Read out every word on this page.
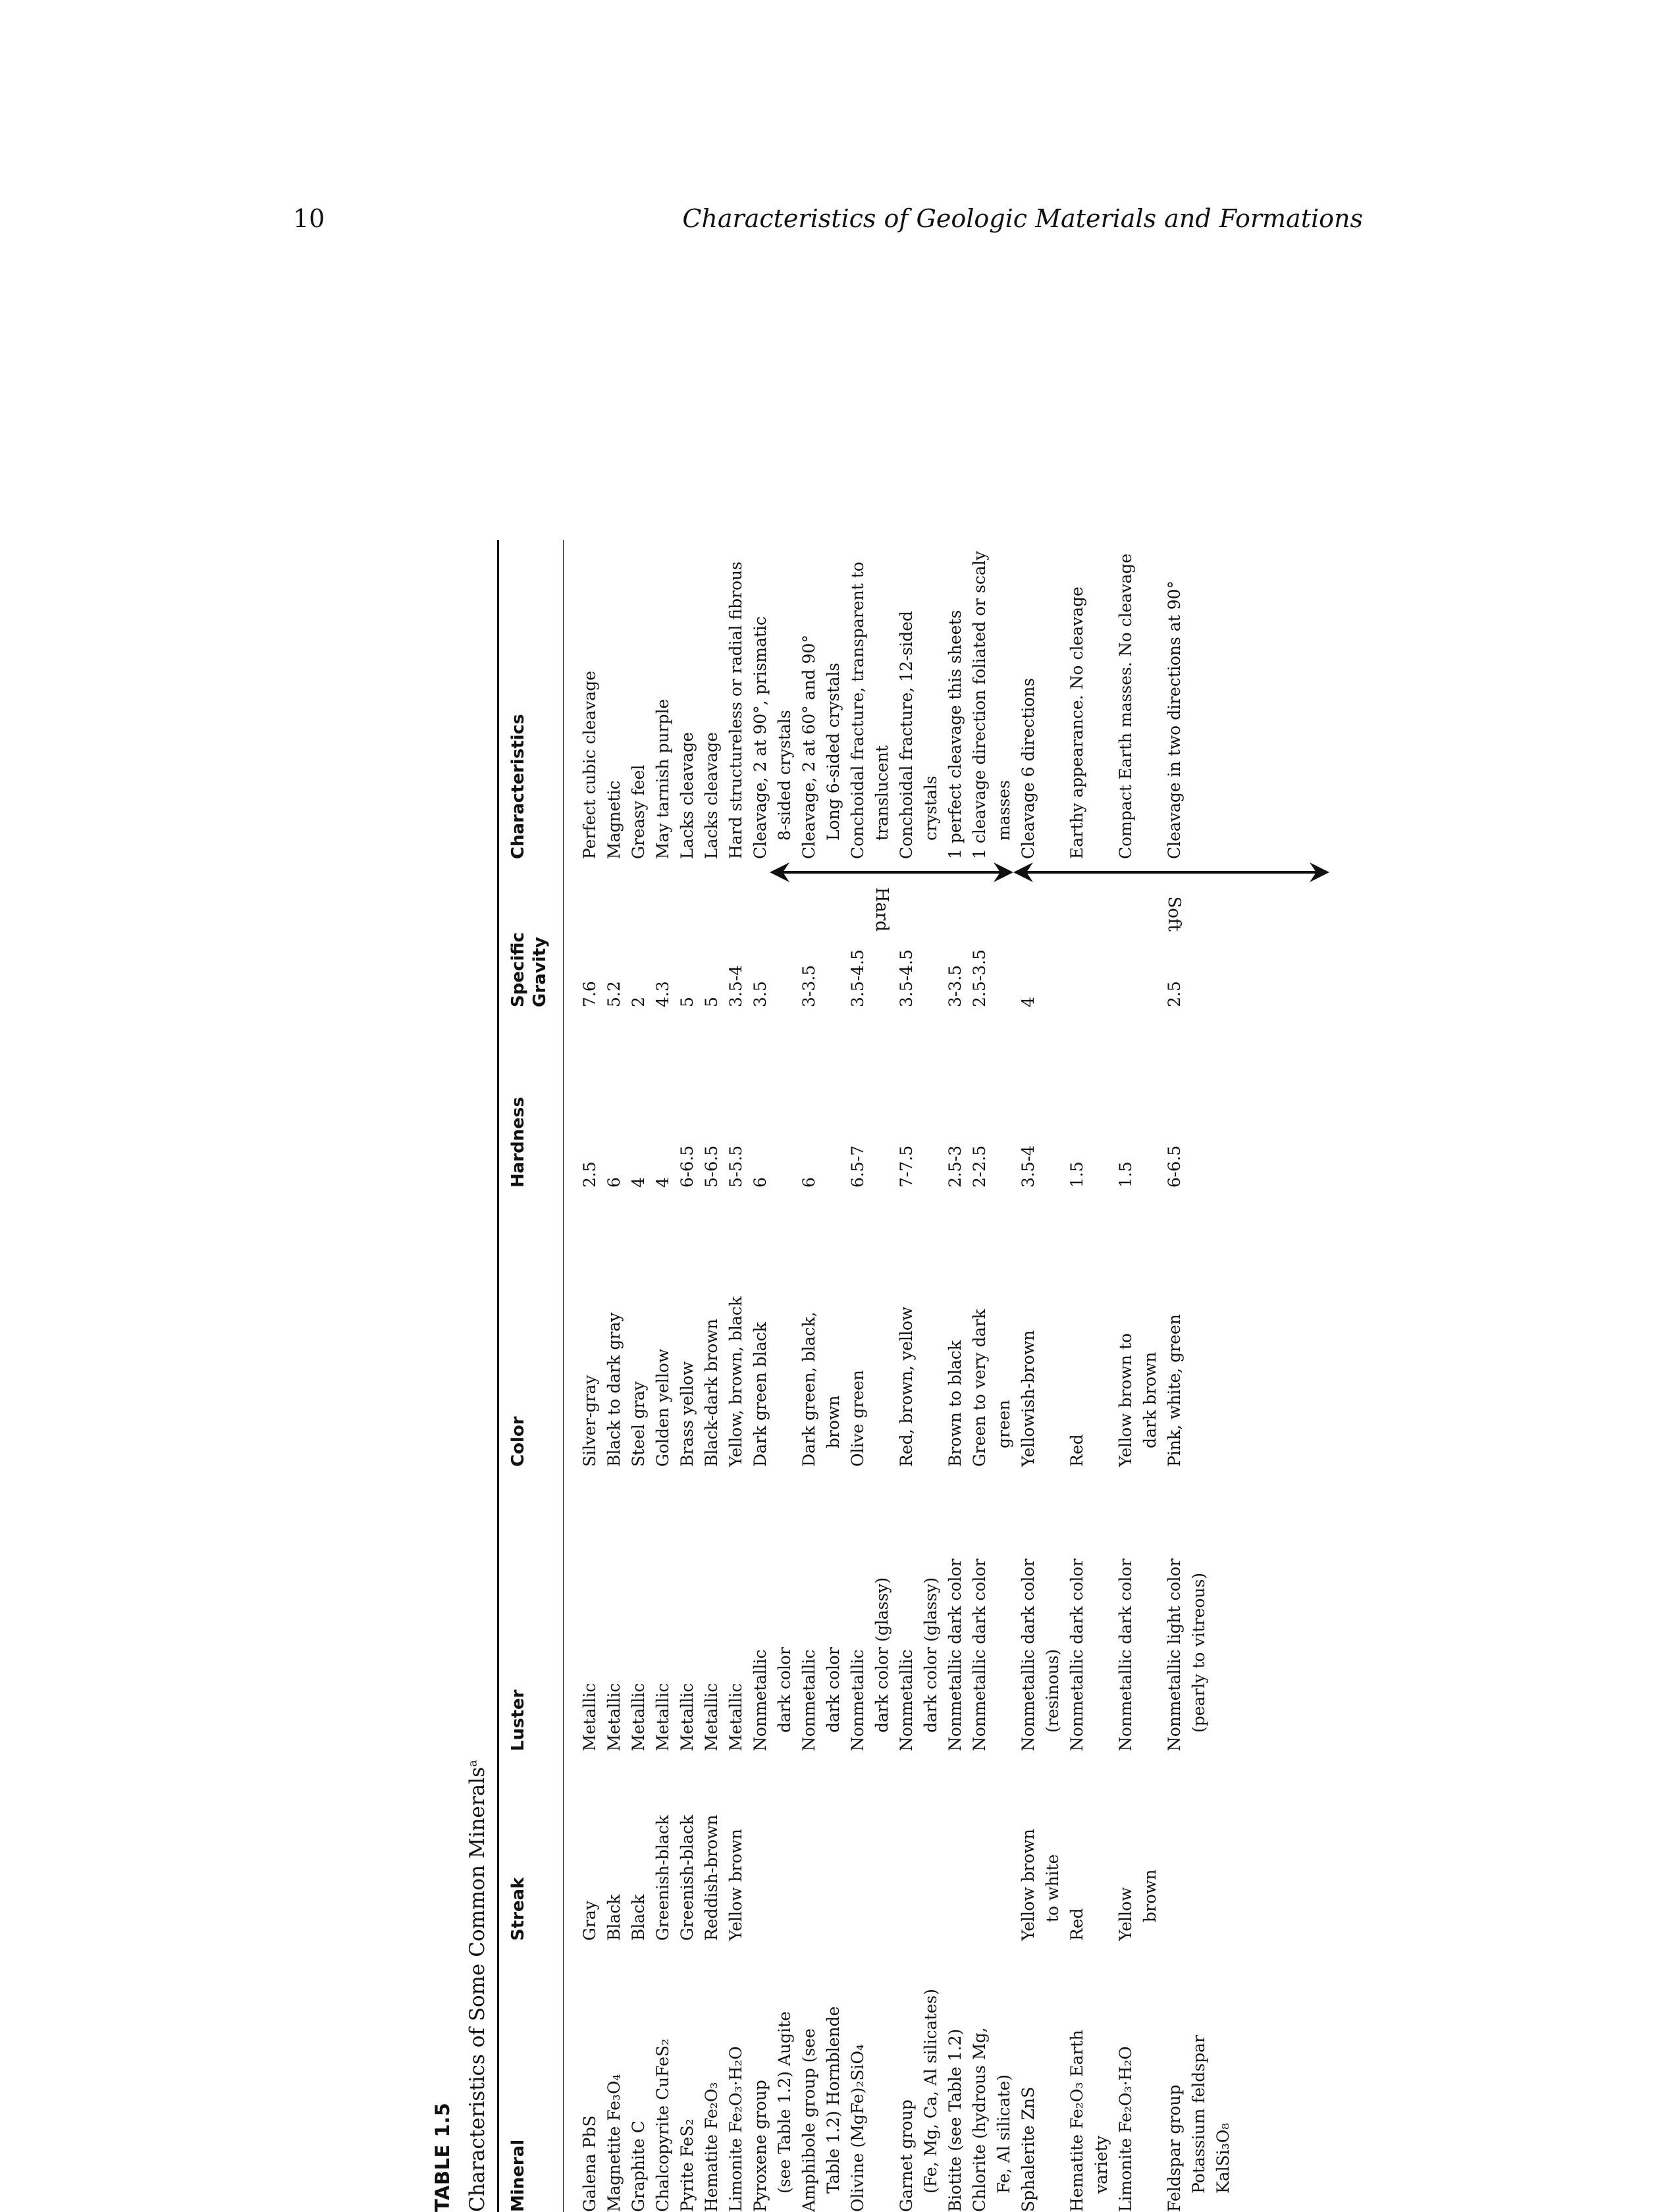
10	Characteristics of Geologic Materials and Formations
TABLE 1.5 Characteristics of Some Common Minerals$^a$
Mineral
Streak
Luster
Color
Hardness
Specific Gravity
Characteristics
Galena PbS
Gray
Metallic
Silver-gray
2.5
7.6
Perfect cubic cleavage
Magnetite Fe₃O₄
Black
Metallic
Black to dark gray
6
5.2
Magnetic
Graphite C
Black
Metallic
Steel gray
4
2
Greasy feel
Chalcopyrite CuFeS₂
Greenish-black
Metallic
Golden yellow
4
4.3
May tarnish purple
Pyrite FeS₂
Greenish-black
Metallic
Brass yellow
6-6.5
5
Lacks cleavage
Hematite Fe₂O₃
Reddish-brown
Metallic
Black-dark brown
5-6.5
5
Lacks cleavage
Limonite Fe₂O₃·H₂O
Yellow brown
Metallic
Yellow, brown, black
5-5.5
3.5-4
Hard structureless or radial fibrous
Pyroxene group (see Table 1.2) Augite
Nonmetallic dark color
Dark green black
6
3.5
Cleavage, 2 at 90°, prismatic 8-sided crystals
Amphibole group (see Table 1.2) Hornblende
Nonmetallic dark color
Dark green, black, brown
6
3-3.5
Cleavage, 2 at 60° and 90° Long 6-sided crystals
Olivine (MgFe)₂SiO₄
Nonmetallic dark color (glassy)
Olive green
6.5-7
3.5-4.5
Conchoidal fracture, transparent to translucent
Garnet group (Fe, Mg, Ca, Al silicates)
Nonmetallic dark color (glassy)
Red, brown, yellow
7-7.5
3.5-4.5
Conchoidal fracture, 12-sided crystals
Biotite (see Table 1.2)
Nonmetallic dark color
Brown to black
2.5-3
3-3.5
1 perfect cleavage this sheets
Chlorite (hydrous Mg, Fe, Al silicate)
Nonmetallic dark color
Green to very dark green
2-2.5
2.5-3.5
1 cleavage direction foliated or scaly masses
Sphalerite ZnS
Yellow brown to white
Nonmetallic dark color (resinous)
Yellowish-brown
3.5-4
4
Cleavage 6 directions
Hematite Fe₂O₃ Earth variety
Red
Nonmetallic dark color
Red
1.5
Earthy appearance. No cleavage
Limonite Fe₂O₃·H₂O
Yellow brown
Nonmetallic dark color
Yellow brown to dark brown
1.5
Compact Earth masses. No cleavage
Feldspar group Potassium feldspar
Nonmetallic light color (pearly to vitreous)
Pink, white, green
6-6.5
2.5
Cleavage in two directions at 90°
KalSi₃O₈
Hard	Soft
